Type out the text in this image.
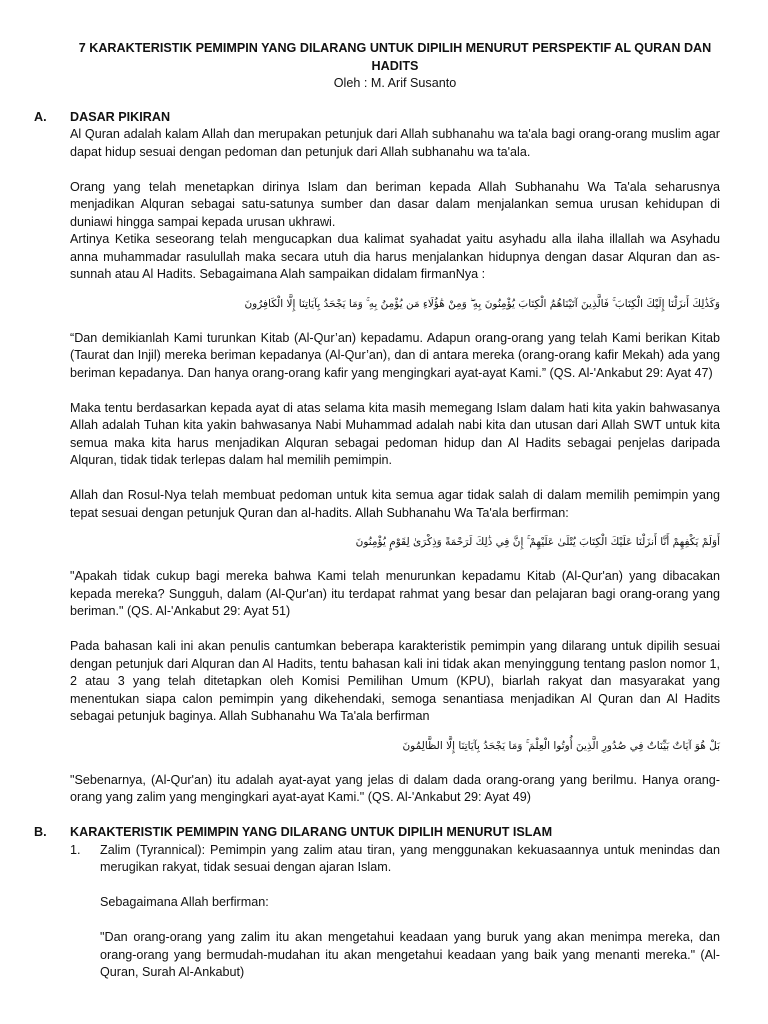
7 KARAKTERISTIK PEMIMPIN YANG DILARANG UNTUK DIPILIH MENURUT PERSPEKTIF AL QURAN DAN HADITS
Oleh : M. Arif Susanto
A. DASAR PIKIRAN

Al Quran adalah kalam Allah dan merupakan petunjuk dari Allah subhanahu wa ta'ala bagi orang-orang muslim agar dapat hidup sesuai dengan pedoman dan petunjuk dari Allah subhanahu wa ta'ala.

Orang yang telah menetapkan dirinya Islam dan beriman kepada Allah Subhanahu Wa Ta'ala seharusnya menjadikan Alquran sebagai satu-satunya sumber dan dasar dalam menjalankan semua urusan kehidupan di duniawi hingga sampai kepada urusan ukhrawi.

Artinya Ketika seseorang telah mengucapkan dua kalimat syahadat yaitu asyhadu alla ilaha illallah wa Asyhadu anna muhammadar rasulullah maka secara utuh dia harus menjalankan hidupnya dengan dasar Alquran dan as-sunnah atau Al Hadits. Sebagaimana Alah sampaikan didalam firmanNya :

وَكَذَٰلِكَ أَنزَلْنَا إِلَيْكَ الْكِتَابَ ۚ فَالَّذِينَ آتَيْنَاهُمُ الْكِتَابَ يُؤْمِنُونَ بِهِ ۖ وَمِنْ هَٰؤُلَاءِ مَن يُؤْمِنُ بِهِ ۚ وَمَا يَجْحَدُ بِآيَاتِنَا إِلَّا الْكَافِرُونَ

“Dan demikianlah Kami turunkan Kitab (Al-Qur’an) kepadamu. Adapun orang-orang yang telah Kami berikan Kitab (Taurat dan Injil) mereka beriman kepadanya (Al-Qur’an), dan di antara mereka (orang-orang kafir Mekah) ada yang beriman kepadanya. Dan hanya orang-orang kafir yang mengingkari ayat-ayat Kami.” (QS. Al-'Ankabut 29: Ayat 47)

Maka tentu berdasarkan kepada ayat di atas selama kita masih memegang Islam dalam hati kita yakin bahwasanya Allah adalah Tuhan kita yakin bahwasanya Nabi Muhammad adalah nabi kita dan utusan dari Allah SWT untuk kita semua maka kita harus menjadikan Alquran sebagai pedoman hidup dan Al Hadits sebagai penjelas daripada Alquran, tidak tidak terlepas dalam hal memilih pemimpin.

Allah dan Rosul-Nya telah membuat pedoman untuk kita semua agar tidak salah di dalam memilih pemimpin yang tepat sesuai dengan petunjuk Quran dan al-hadits. Allah Subhanahu Wa Ta'ala berfirman:

أَوَلَمْ يَكْفِهِمْ أَنَّا أَنزَلْنَا عَلَيْكَ الْكِتَابَ يُتْلَىٰ عَلَيْهِمْ ۚ إِنَّ فِي ذَٰلِكَ لَرَحْمَةً وَذِكْرَىٰ لِقَوْمٍ يُؤْمِنُونَ

"Apakah tidak cukup bagi mereka bahwa Kami telah menurunkan kepadamu Kitab (Al-Qur'an) yang dibacakan kepada mereka? Sungguh, dalam (Al-Qur'an) itu terdapat rahmat yang besar dan pelajaran bagi orang-orang yang beriman." (QS. Al-'Ankabut 29: Ayat 51)

Pada bahasan kali ini akan penulis cantumkan beberapa karakteristik pemimpin yang dilarang untuk dipilih sesuai dengan petunjuk dari Alquran dan Al Hadits, tentu bahasan kali ini tidak akan menyinggung tentang paslon nomor 1, 2 atau 3 yang telah ditetapkan oleh Komisi Pemilihan Umum (KPU), biarlah rakyat dan masyarakat yang menentukan siapa calon pemimpin yang dikehendaki, semoga senantiasa menjadikan Al Quran dan Al Hadits sebagai petunjuk baginya. Allah Subhanahu Wa Ta'ala berfirman

بَلْ هُوَ آيَاتٌ بَيِّنَاتٌ فِي صُدُورِ الَّذِينَ أُوتُوا الْعِلْمَ ۚ وَمَا يَجْحَدُ بِآيَاتِنَا إِلَّا الظَّالِمُونَ

"Sebenarnya, (Al-Qur'an) itu adalah ayat-ayat yang jelas di dalam dada orang-orang yang berilmu. Hanya orang-orang yang zalim yang mengingkari ayat-ayat Kami." (QS. Al-'Ankabut 29: Ayat 49)

B. KARAKTERISTIK PEMIMPIN YANG DILARANG UNTUK DIPILIH MENURUT ISLAM
1. Zalim (Tyrannical): Pemimpin yang zalim atau tiran, yang menggunakan kekuasaannya untuk menindas dan merugikan rakyat, tidak sesuai dengan ajaran Islam.

Sebagaimana Allah berfirman:

"Dan orang-orang yang zalim itu akan mengetahui keadaan yang buruk yang akan menimpa mereka, dan orang-orang yang bermudah-mudahan itu akan mengetahui keadaan yang baik yang menanti mereka." (Al-Quran, Surah Al-Ankabut)
